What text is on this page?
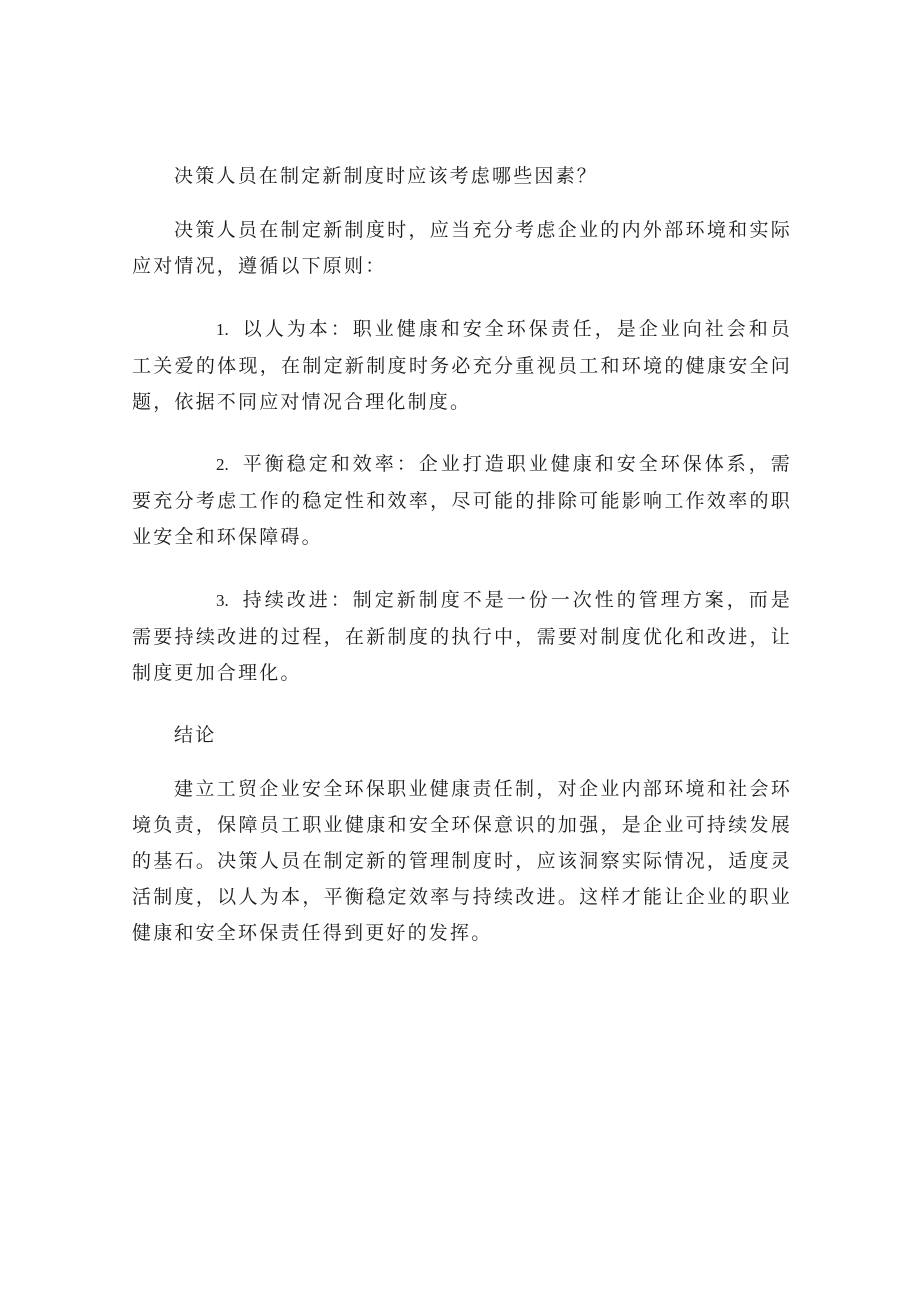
决策人员在制定新制度时应该考虑哪些因素？

决策人员在制定新制度时，应当充分考虑企业的内外部环境和实际应对情况，遵循以下原则：

1. 以人为本：职业健康和安全环保责任，是企业向社会和员工关爱的体现，在制定新制度时务必充分重视员工和环境的健康安全问题，依据不同应对情况合理化制度。

2. 平衡稳定和效率：企业打造职业健康和安全环保体系，需要充分考虑工作的稳定性和效率，尽可能的排除可能影响工作效率的职业安全和环保障碍。

3. 持续改进：制定新制度不是一份一次性的管理方案，而是需要持续改进的过程，在新制度的执行中，需要对制度优化和改进，让制度更加合理化。

结论

建立工贸企业安全环保职业健康责任制，对企业内部环境和社会环境负责，保障员工职业健康和安全环保意识的加强，是企业可持续发展的基石。决策人员在制定新的管理制度时，应该洞察实际情况，适度灵活制度，以人为本，平衡稳定效率与持续改进。这样才能让企业的职业健康和安全环保责任得到更好的发挥。
